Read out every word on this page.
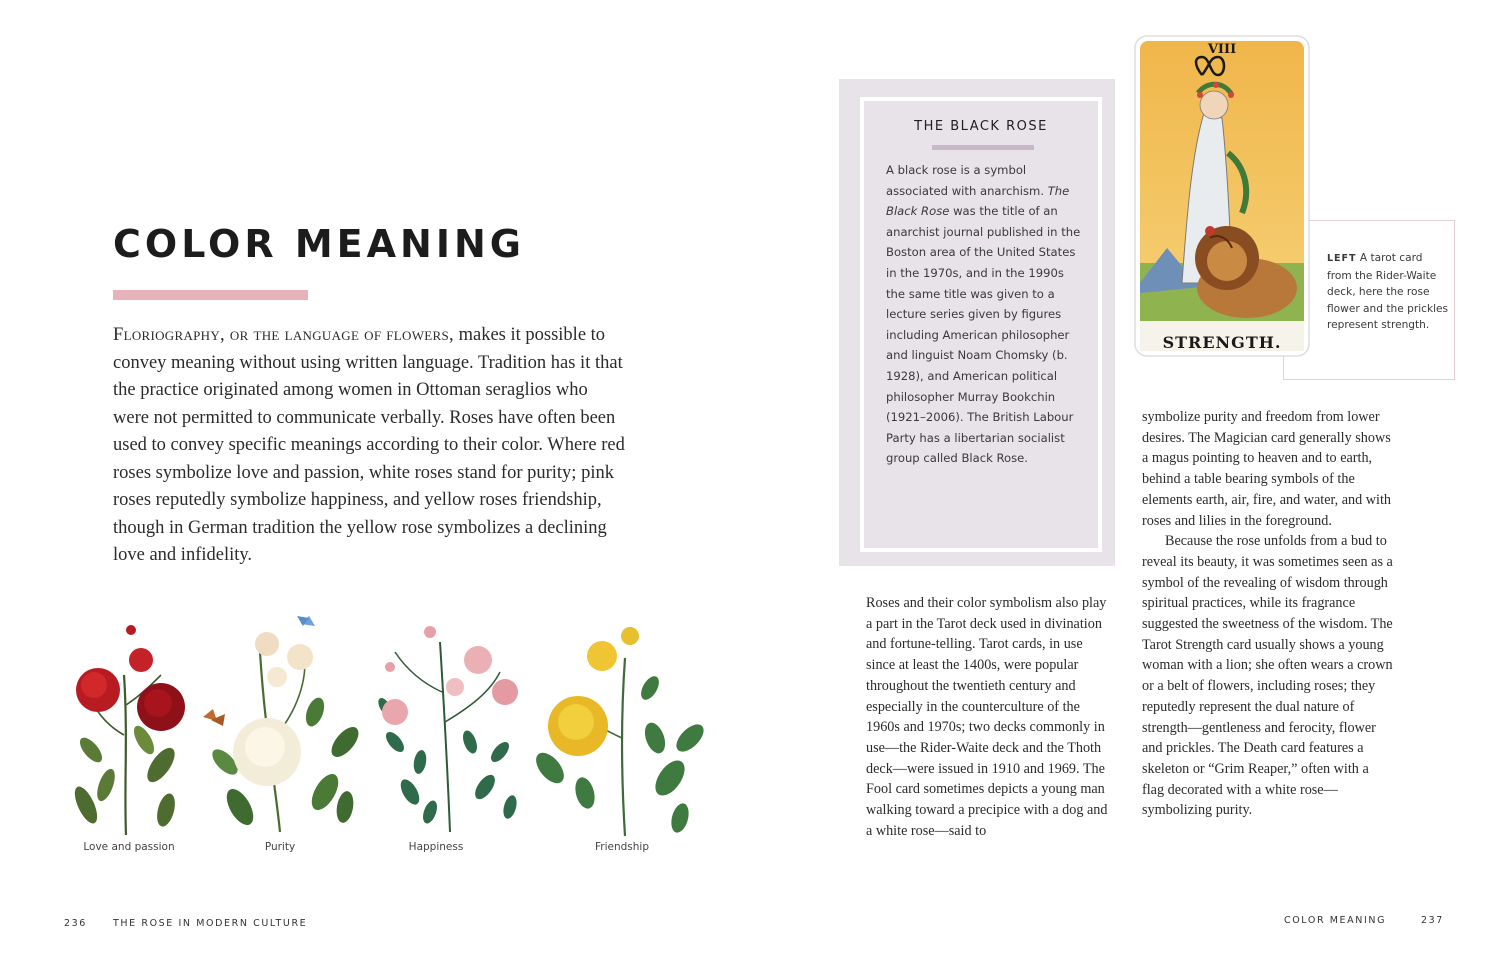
COLOR MEANING
Floriography, or the language of flowers, makes it possible to convey meaning without using written language. Tradition has it that the practice originated among women in Ottoman seraglios who were not permitted to communicate verbally. Roses have often been used to convey specific meanings according to their color. Where red roses symbolize love and passion, white roses stand for purity; pink roses reputedly symbolize happiness, and yellow roses friendship, though in German tradition the yellow rose symbolizes a declining love and infidelity.
Love and passion	Purity	Happiness	Friendship
236	THE ROSE IN MODERN CULTURE
THE BLACK ROSE
A black rose is a symbol associated with anarchism. The Black Rose was the title of an anarchist journal published in the Boston area of the United States in the 1970s, and in the 1990s the same title was given to a lecture series given by figures including American philosopher and linguist Noam Chomsky (b. 1928), and American political philosopher Murray Bookchin (1921–2006). The British Labour Party has a libertarian socialist group called Black Rose.
LEFT A tarot card from the Rider-Waite deck, here the rose flower and the prickles represent strength.
VIII
STRENGTH.

Roses and their color symbolism also play a part in the Tarot deck used in divination and fortune-telling. Tarot cards, in use since at least the 1400s, were popular throughout the twentieth century and especially in the counterculture of the 1960s and 1970s; two decks commonly in use—the Rider-Waite deck and the Thoth deck—were issued in 1910 and 1969. The Fool card sometimes depicts a young man walking toward a precipice with a dog and a white rose—said to

symbolize purity and freedom from lower desires. The Magician card generally shows a magus pointing to heaven and to earth, behind a table bearing symbols of the elements earth, air, fire, and water, and with roses and lilies in the foreground.

Because the rose unfolds from a bud to reveal its beauty, it was sometimes seen as a symbol of the revealing of wisdom through spiritual practices, while its fragrance suggested the sweetness of the wisdom. The Tarot Strength card usually shows a young woman with a lion; she often wears a crown or a belt of flowers, including roses; they reputedly represent the dual nature of strength—gentleness and ferocity, flower and prickles. The Death card features a skeleton or “Grim Reaper,” often with a flag decorated with a white rose—symbolizing purity.

COLOR MEANING	237
